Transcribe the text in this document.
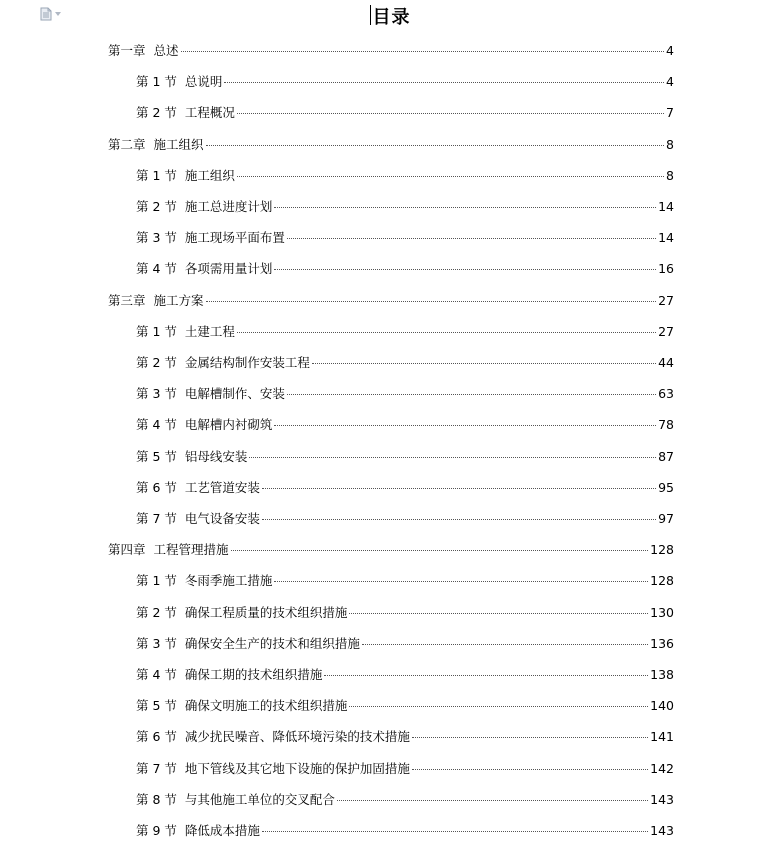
目录
第一章 总述	4
第 1 节 总说明	4
第 2 节 工程概况	7
第二章 施工组织	8
第 1 节 施工组织	8
第 2 节 施工总进度计划	14
第 3 节 施工现场平面布置	14
第 4 节 各项需用量计划	16
第三章 施工方案	27
第 1 节 土建工程	27
第 2 节 金属结构制作安装工程	44
第 3 节 电解槽制作、安装	63
第 4 节 电解槽内衬砌筑	78
第 5 节 铝母线安装	87
第 6 节 工艺管道安装	95
第 7 节 电气设备安装	97
第四章 工程管理措施	128
第 1 节 冬雨季施工措施	128
第 2 节 确保工程质量的技术组织措施	130
第 3 节 确保安全生产的技术和组织措施	136
第 4 节 确保工期的技术组织措施	138
第 5 节 确保文明施工的技术组织措施	140
第 6 节 减少扰民噪音、降低环境污染的技术措施	141
第 7 节 地下管线及其它地下设施的保护加固措施	142
第 8 节 与其他施工单位的交叉配合	143
第 9 节 降低成本措施	143
